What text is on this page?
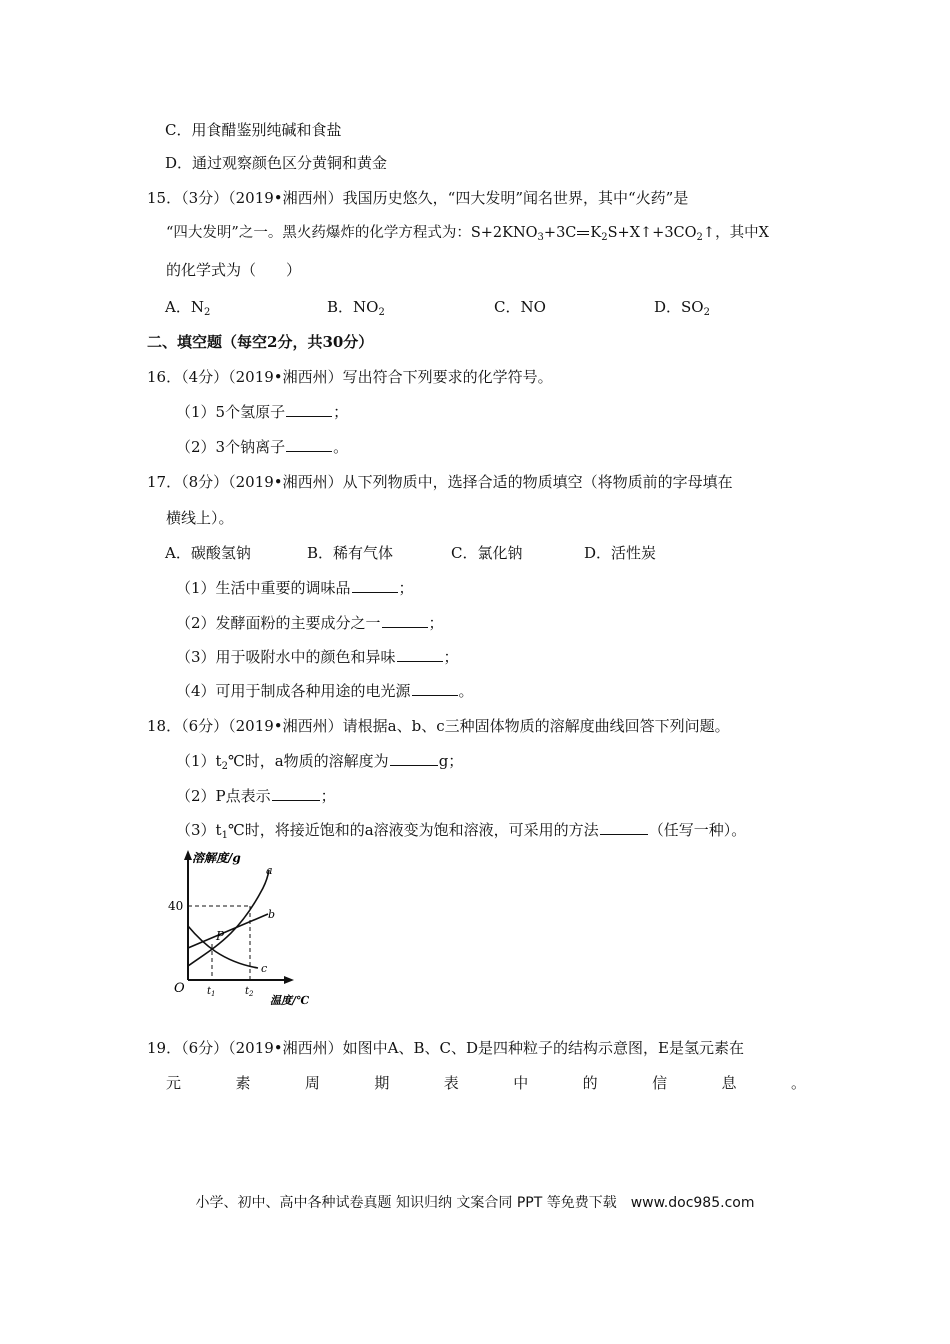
C．用食醋鉴别纯碱和食盐
D．通过观察颜色区分黄铜和黄金
15．（3分）（2019•湘西州）我国历史悠久，“四大发明”闻名世界，其中“火药”是
“四大发明”之一。黑火药爆炸的化学方程式为：$S+2KNO_3+3C$ $K_2S+X↑+3CO_2↑$，其中X
的化学式为（　　）
A．$N_2$	B．$NO_2$	C．NO	D．$SO_2$
二、填空题（每空2分，共30分）
16．（4分）（2019•湘西州）写出符合下列要求的化学符号。
（1）5个氢原子	；
（2）3个钠离子	。
17．（8分）（2019•湘西州）从下列物质中，选择合适的物质填空（将物质前的字母填在
横线上）。
A．碳酸氢钠	B．稀有气体	C．氯化钠	D．活性炭
（1）生活中重要的调味品	；
（2）发酵面粉的主要成分之一	；
（3）用于吸附水中的颜色和异味	；
（4）可用于制成各种用途的电光源	。
18．（6分）（2019•湘西州）请根据a、b、c三种固体物质的溶解度曲线回答下列问题。
$(1)t_2℃$时，a物质的溶解度为	g；
（2）P点表示	；
$(3)t_1℃$时，将接近饱和的a溶液变为饱和溶液，可采用的方法	（任写一种）。
溶解度/g
40
O
a
b
c
P
$t_1$	$t_2$ 温度/℃
19．（6分）（2019•湘西州）如图中A、B、C、D是四种粒子的结构示意图，E是氢元素在
元	素	周	期	表	中	的	信	息	。
小学、初中、高中各种试卷真题 知识归纳 文案合同 PPT 等免费下载　www.doc985.com
